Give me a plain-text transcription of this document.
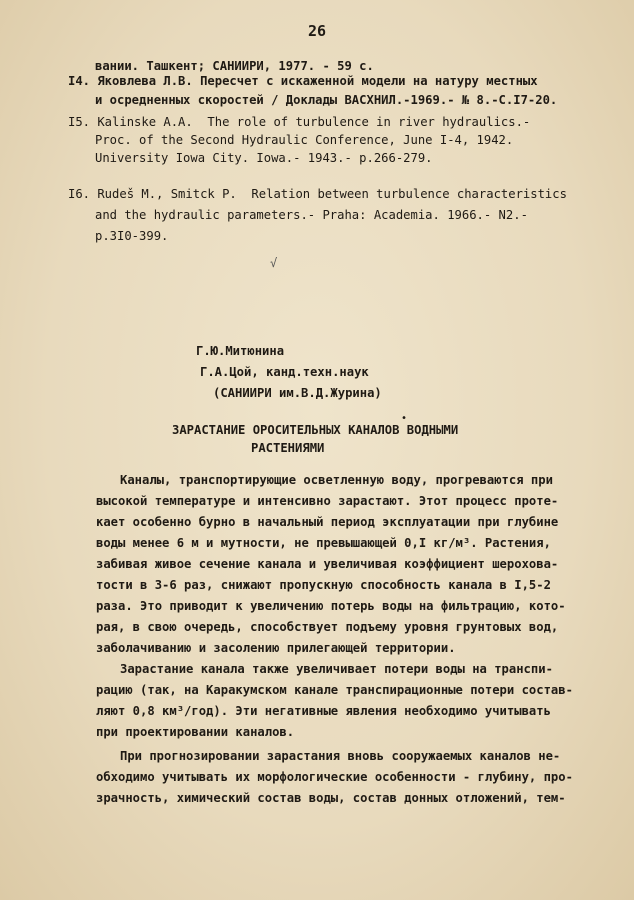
26
вании. Ташкент; САНИИРИ, 1977. - 59 с.
I4. Яковлева Л.В. Пересчет с искаженной модели на натуру местных
и осредненных скоростей / Доклады ВАСХНИЛ.-1969.- № 8.-С.I7-20.
I5. Kalinske A.A.  The role of turbulence in river hydraulics.-
Proc. of the Second Hydraulic Conference, June I-4, 1942.
University Iowa City. Iowa.- 1943.- p.266-279.
I6. Rudeš M., Smitck P.  Relation between turbulence characteristics
and the hydraulic parameters.- Praha: Academia. 1966.- N2.-
p.3I0-399.
√
Г.Ю.Митюнина
Г.А.Цой, канд.техн.наук
(САНИИРИ им.В.Д.Журина)
•
ЗАРАСТАНИЕ ОРОСИТЕЛЬНЫХ КАНАЛОВ ВОДНЫМИ
РАСТЕНИЯМИ
Каналы, транспортирующие осветленную воду, прогреваются при
высокой температуре и интенсивно зарастают. Этот процесс проте-
кает особенно бурно в начальный период эксплуатации при глубине
воды менее 6 м и мутности, не превышающей 0,I кг/м³. Растения,
забивая живое сечение канала и увеличивая коэффициент шерохова-
тости в 3-6 раз, снижают пропускную способность канала в I,5-2
раза. Это приводит к увеличению потерь воды на фильтрацию, кото-
рая, в свою очередь, способствует подъему уровня грунтовых вод,
заболачиванию и засолению прилегающей территории.
Зарастание канала также увеличивает потери воды на транспи-
рацию (так, на Каракумском канале транспирационные потери состав-
ляют 0,8 км³/год). Эти негативные явления необходимо учитывать
при проектировании каналов.
При прогнозировании зарастания вновь сооружаемых каналов не-
обходимо учитывать их морфологические особенности - глубину, про-
зрачность, химический состав воды, состав донных отложений, тем-
